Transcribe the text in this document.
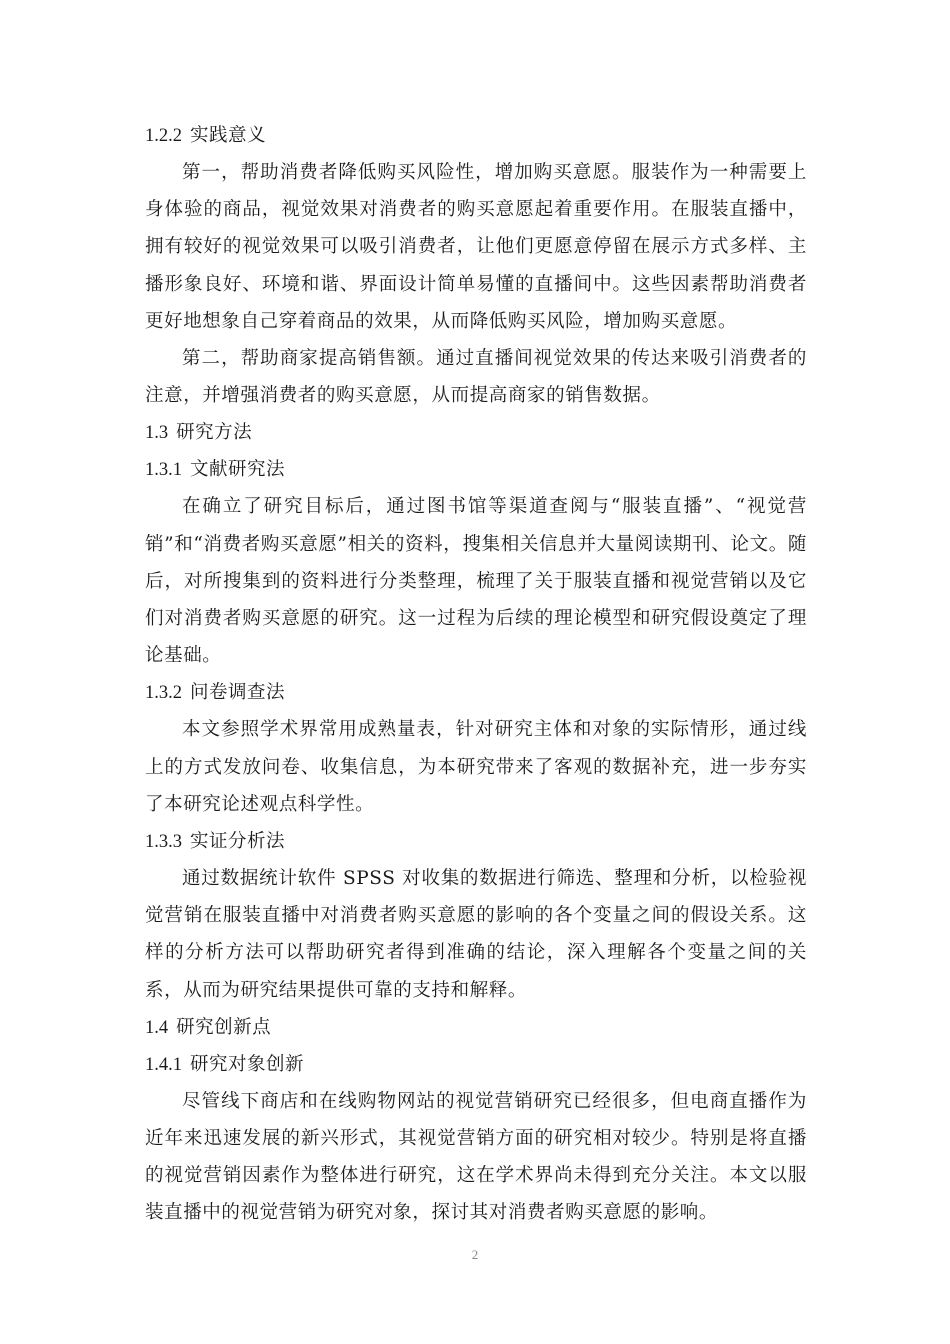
1.2.2 实践意义

第一，帮助消费者降低购买风险性，增加购买意愿。服装作为一种需要上身体验的商品，视觉效果对消费者的购买意愿起着重要作用。在服装直播中，拥有较好的视觉效果可以吸引消费者，让他们更愿意停留在展示方式多样、主播形象良好、环境和谐、界面设计简单易懂的直播间中。这些因素帮助消费者更好地想象自己穿着商品的效果，从而降低购买风险，增加购买意愿。

第二，帮助商家提高销售额。通过直播间视觉效果的传达来吸引消费者的注意，并增强消费者的购买意愿，从而提高商家的销售数据。

1.3 研究方法
1.3.1 文献研究法

在确立了研究目标后，通过图书馆等渠道查阅与“服装直播”、“视觉营销”和“消费者购买意愿”相关的资料，搜集相关信息并大量阅读期刊、论文。随后，对所搜集到的资料进行分类整理，梳理了关于服装直播和视觉营销以及它们对消费者购买意愿的研究。这一过程为后续的理论模型和研究假设奠定了理论基础。

1.3.2 问卷调查法

本文参照学术界常用成熟量表，针对研究主体和对象的实际情形，通过线上的方式发放问卷、收集信息，为本研究带来了客观的数据补充，进一步夯实了本研究论述观点科学性。

1.3.3 实证分析法

通过数据统计软件 SPSS 对收集的数据进行筛选、整理和分析，以检验视觉营销在服装直播中对消费者购买意愿的影响的各个变量之间的假设关系。这样的分析方法可以帮助研究者得到准确的结论，深入理解各个变量之间的关系，从而为研究结果提供可靠的支持和解释。

1.4 研究创新点
1.4.1 研究对象创新

尽管线下商店和在线购物网站的视觉营销研究已经很多，但电商直播作为近年来迅速发展的新兴形式，其视觉营销方面的研究相对较少。特别是将直播的视觉营销因素作为整体进行研究，这在学术界尚未得到充分关注。本文以服装直播中的视觉营销为研究对象，探讨其对消费者购买意愿的影响。

2
